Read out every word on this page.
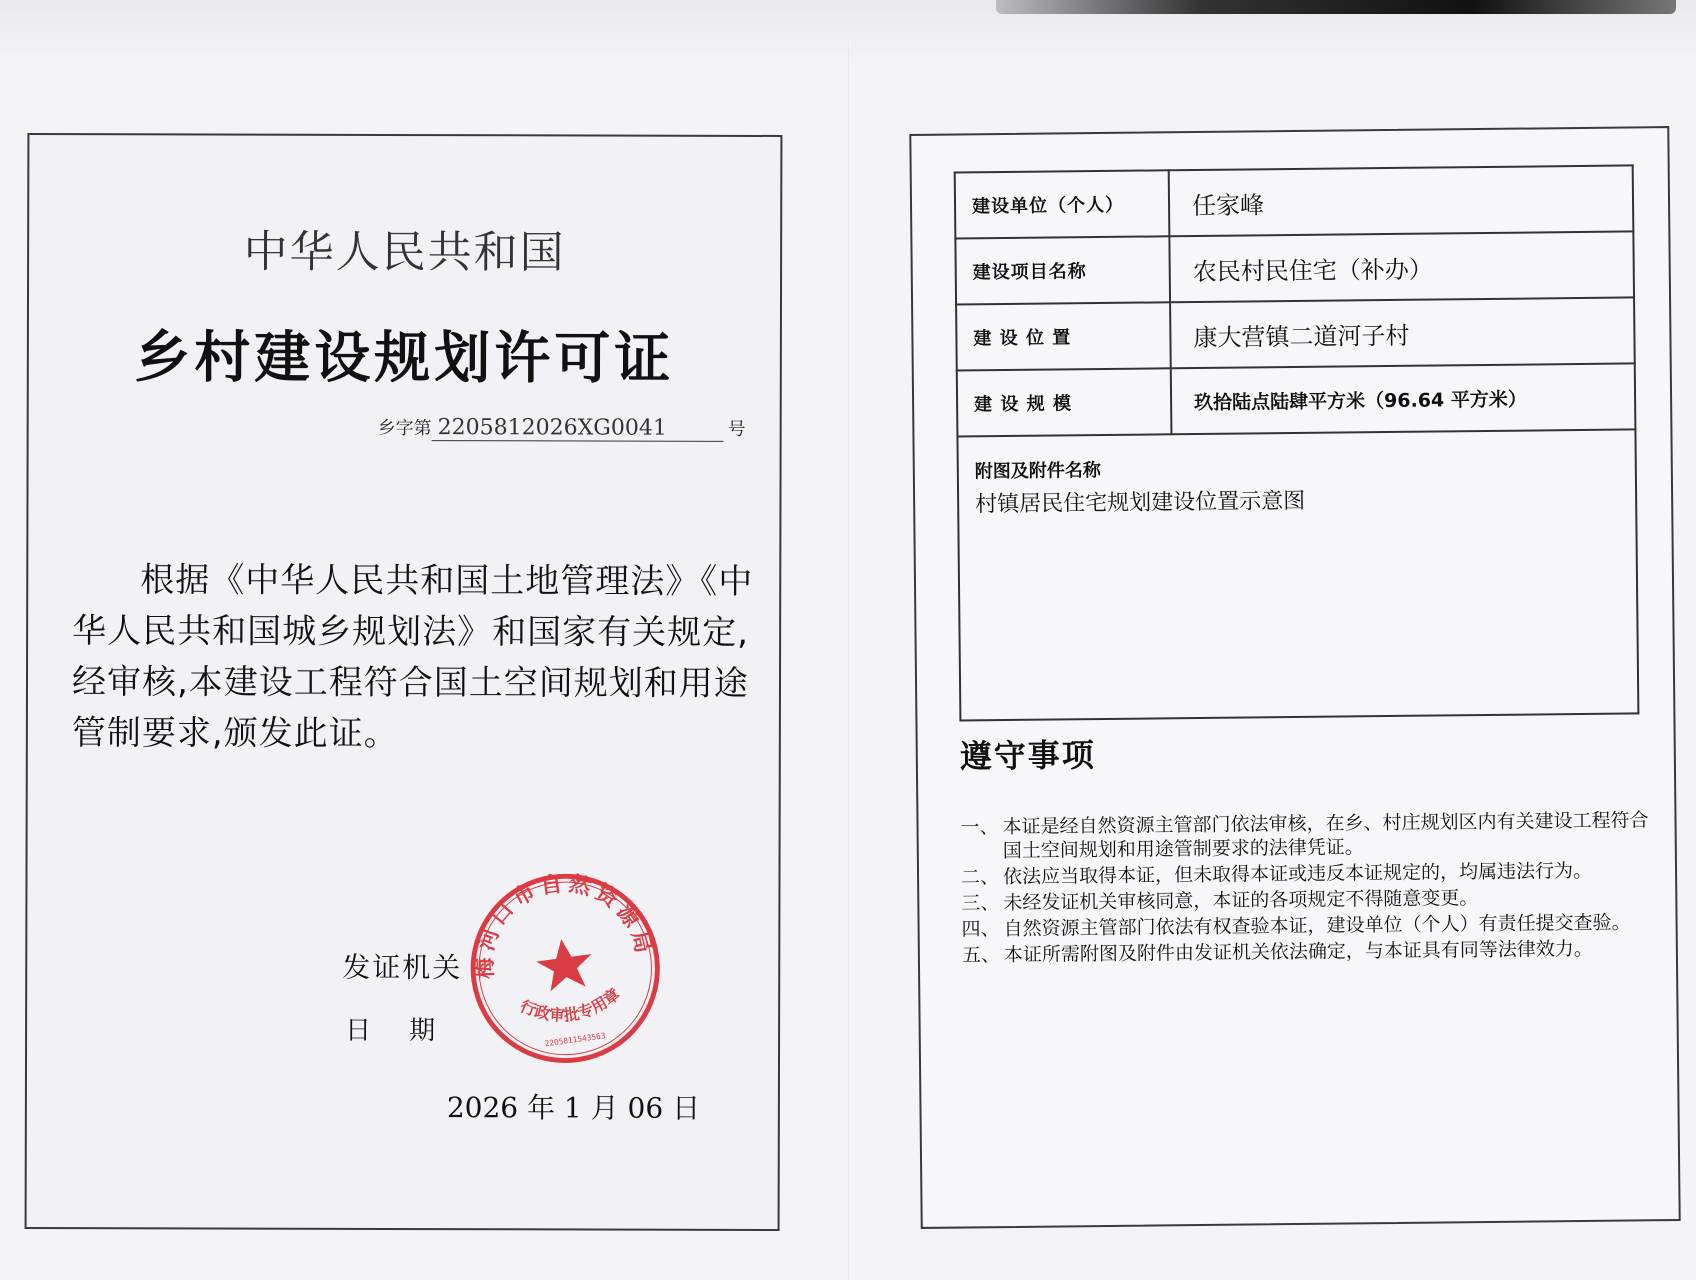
中华人民共和国
乡村建设规划许可证
乡字第 2205812026XG0041	号
根据《中华人民共和国土地管理法》《中
华人民共和国城乡规划法》和国家有关规定,
经审核,本建设工程符合国土空间规划和用途
管制要求,颁发此证。
发证机关
日期
2026 年 1 月 06 日
梅河口市自然资源局
行政审批专用章
2205811543563
建设单位（个人）	任家峰
建设项目名称	农民村民住宅（补办）
建 设 位 置	康大营镇二道河子村
建 设 规 模	玖拾陆点陆肆平方米（96.64 平方米）

附图及附件名称
村镇居民住宅规划建设位置示意图	
遵守事项
一、 本证是经自然资源主管部门依法审核，在乡、村庄规划区内有关建设工程符合国土空间规划和用途管制要求的法律凭证。
二、 依法应当取得本证，但未取得本证或违反本证规定的，均属违法行为。
三、 未经发证机关审核同意，本证的各项规定不得随意变更。
四、 自然资源主管部门依法有权查验本证，建设单位（个人）有责任提交查验。
五、 本证所需附图及附件由发证机关依法确定，与本证具有同等法律效力。
